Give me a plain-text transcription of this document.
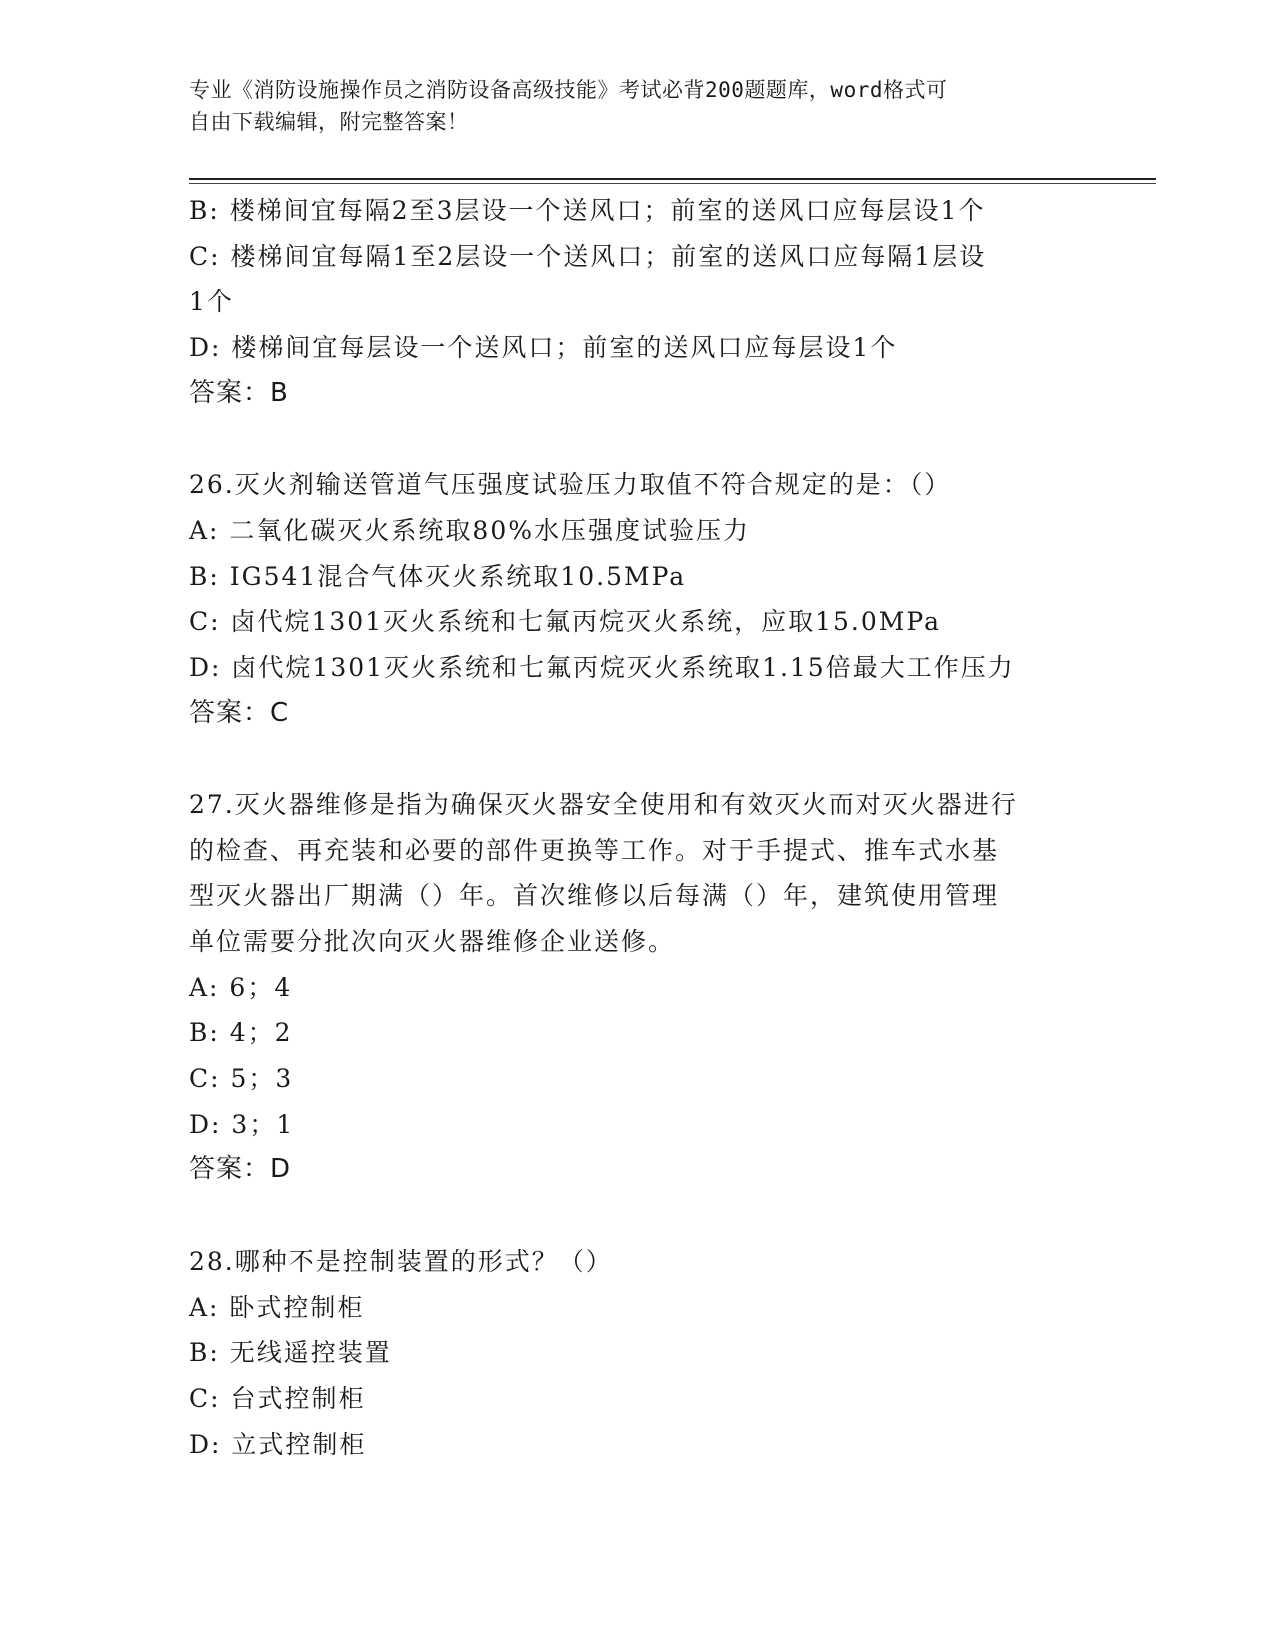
专业《消防设施操作员之消防设备高级技能》考试必背200题题库，word格式可
自由下载编辑，附完整答案！
B: 楼梯间宜每隔2至3层设一个送风口；前室的送风口应每层设1个
C: 楼梯间宜每隔1至2层设一个送风口；前室的送风口应每隔1层设
1个
D: 楼梯间宜每层设一个送风口；前室的送风口应每层设1个
答案：B
26.灭火剂输送管道气压强度试验压力取值不符合规定的是：（）
A: 二氧化碳灭火系统取80%水压强度试验压力
B: IG541混合气体灭火系统取10.5MPa
C: 卤代烷1301灭火系统和七氟丙烷灭火系统，应取15.0MPa
D: 卤代烷1301灭火系统和七氟丙烷灭火系统取1.15倍最大工作压力
答案：C
27.灭火器维修是指为确保灭火器安全使用和有效灭火而对灭火器进行
的检查、再充装和必要的部件更换等工作。对于手提式、推车式水基
型灭火器出厂期满（）年。首次维修以后每满（）年，建筑使用管理
单位需要分批次向灭火器维修企业送修。
A: 6；4
B: 4；2
C: 5；3
D: 3；1
答案：D
28.哪种不是控制装置的形式？（）
A: 卧式控制柜
B: 无线遥控装置
C: 台式控制柜
D: 立式控制柜
